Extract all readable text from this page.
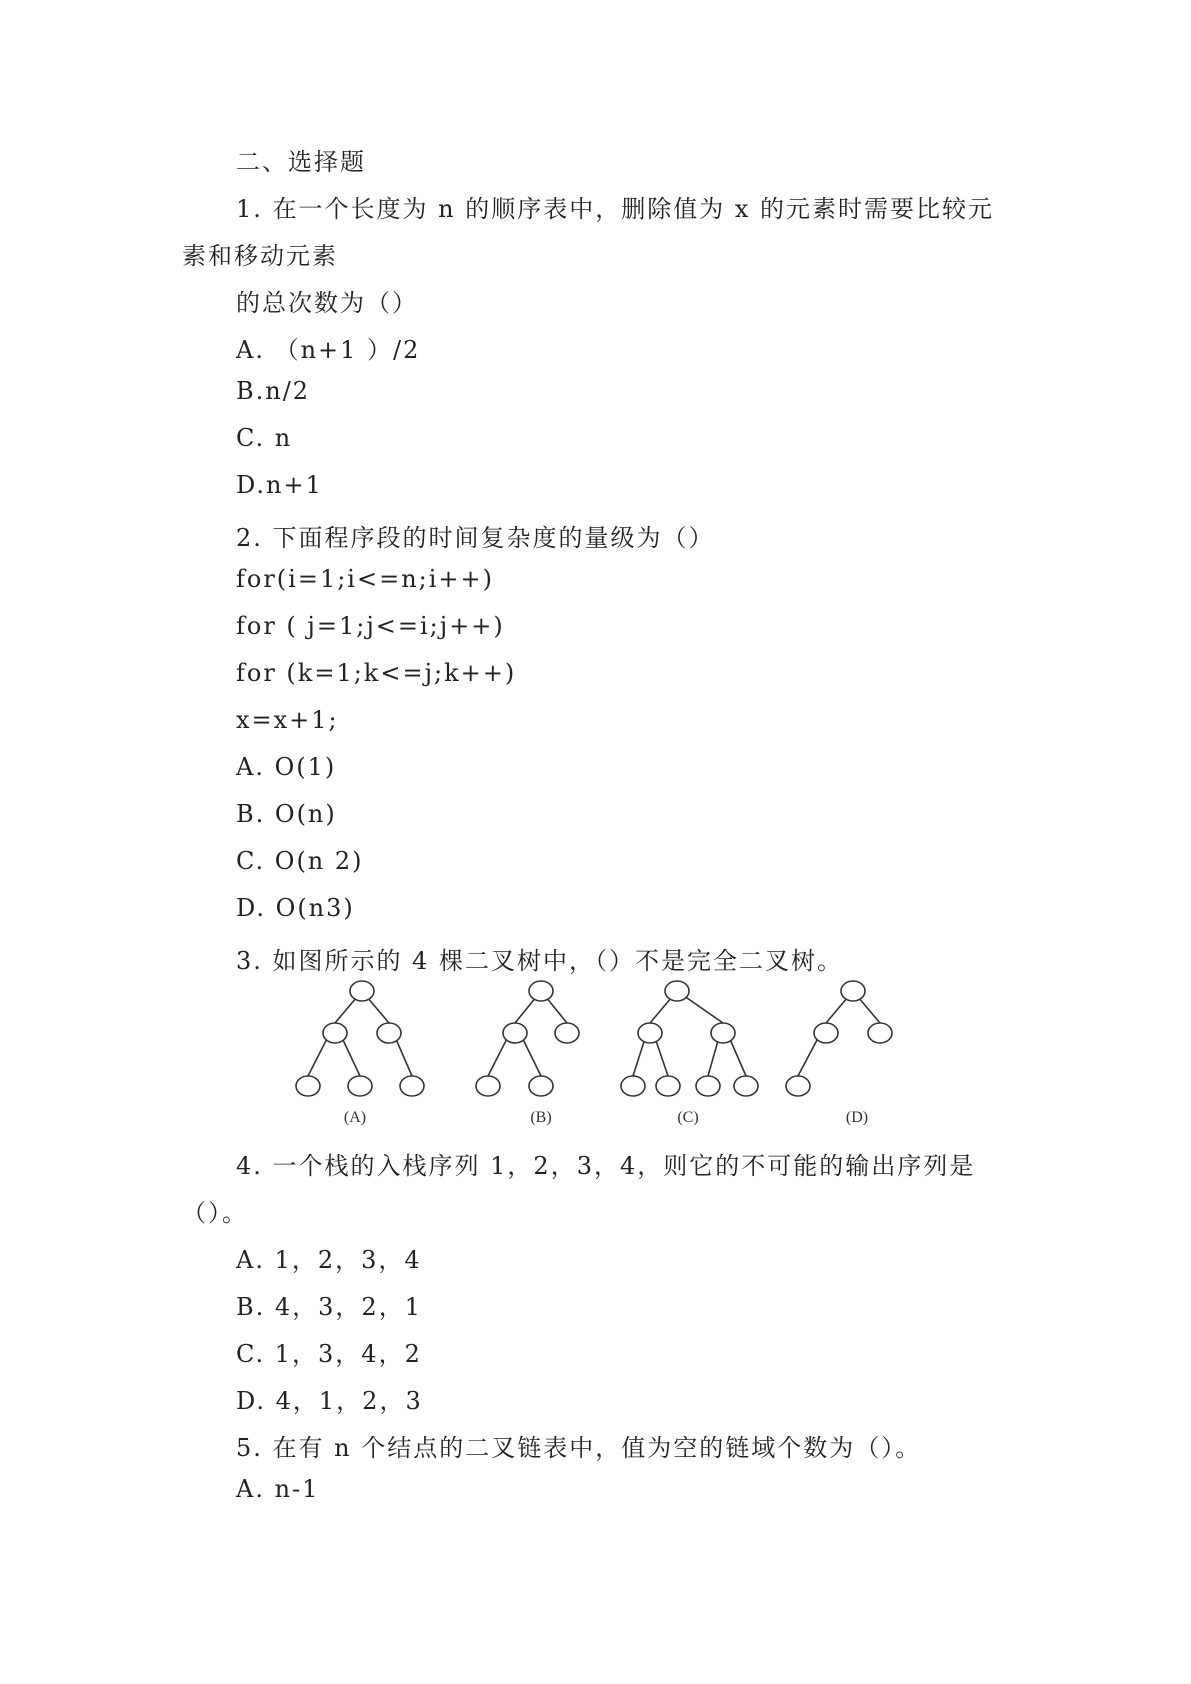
二、选择题
1. 在一个长度为 n 的顺序表中，删除值为 x 的元素时需要比较元
素和移动元素
的总次数为（）
A. （n+1 ）/2
B.n/2
C. n
D.n+1
2. 下面程序段的时间复杂度的量级为（）
for(i=1;i<=n;i++)
for ( j=1;j<=i;j++)
for (k=1;k<=j;k++)
x=x+1;
A. O(1)
B. O(n)
C. O(n 2)
D. O(n3)
3. 如图所示的 4 棵二叉树中，（）不是完全二叉树。
(A)	(B)	(C)	(D)
4. 一个栈的入栈序列 1，2，3，4，则它的不可能的输出序列是
（）。
A. 1，2，3，4
B. 4，3，2，1
C. 1，3，4，2
D. 4，1，2，3
5. 在有 n 个结点的二叉链表中，值为空的链域个数为（）。
A. n-1
